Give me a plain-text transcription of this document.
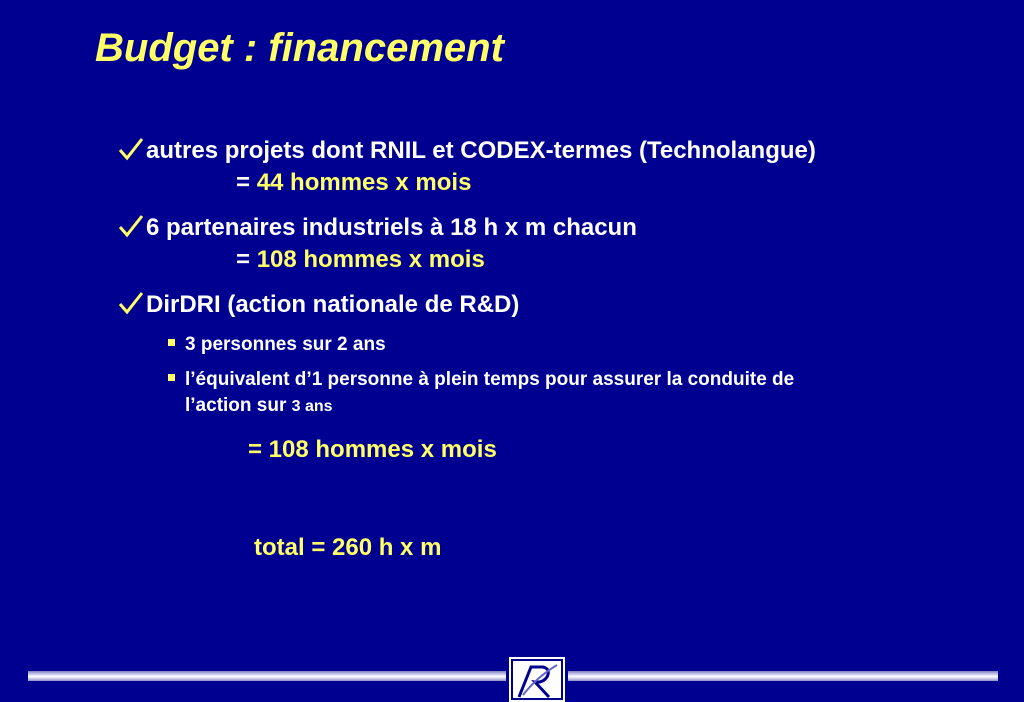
Budget : financement
autres projets dont RNIL et CODEX-termes (Technolangue)
= 44 hommes x mois
6 partenaires industriels à 18 h x m chacun
= 108 hommes x mois
DirDRI (action nationale de R&D)
3 personnes sur 2 ans
l’équivalent d’1 personne à plein temps pour assurer la conduite de
l’action sur 3 ans
= 108 hommes x mois
total = 260 h x m
